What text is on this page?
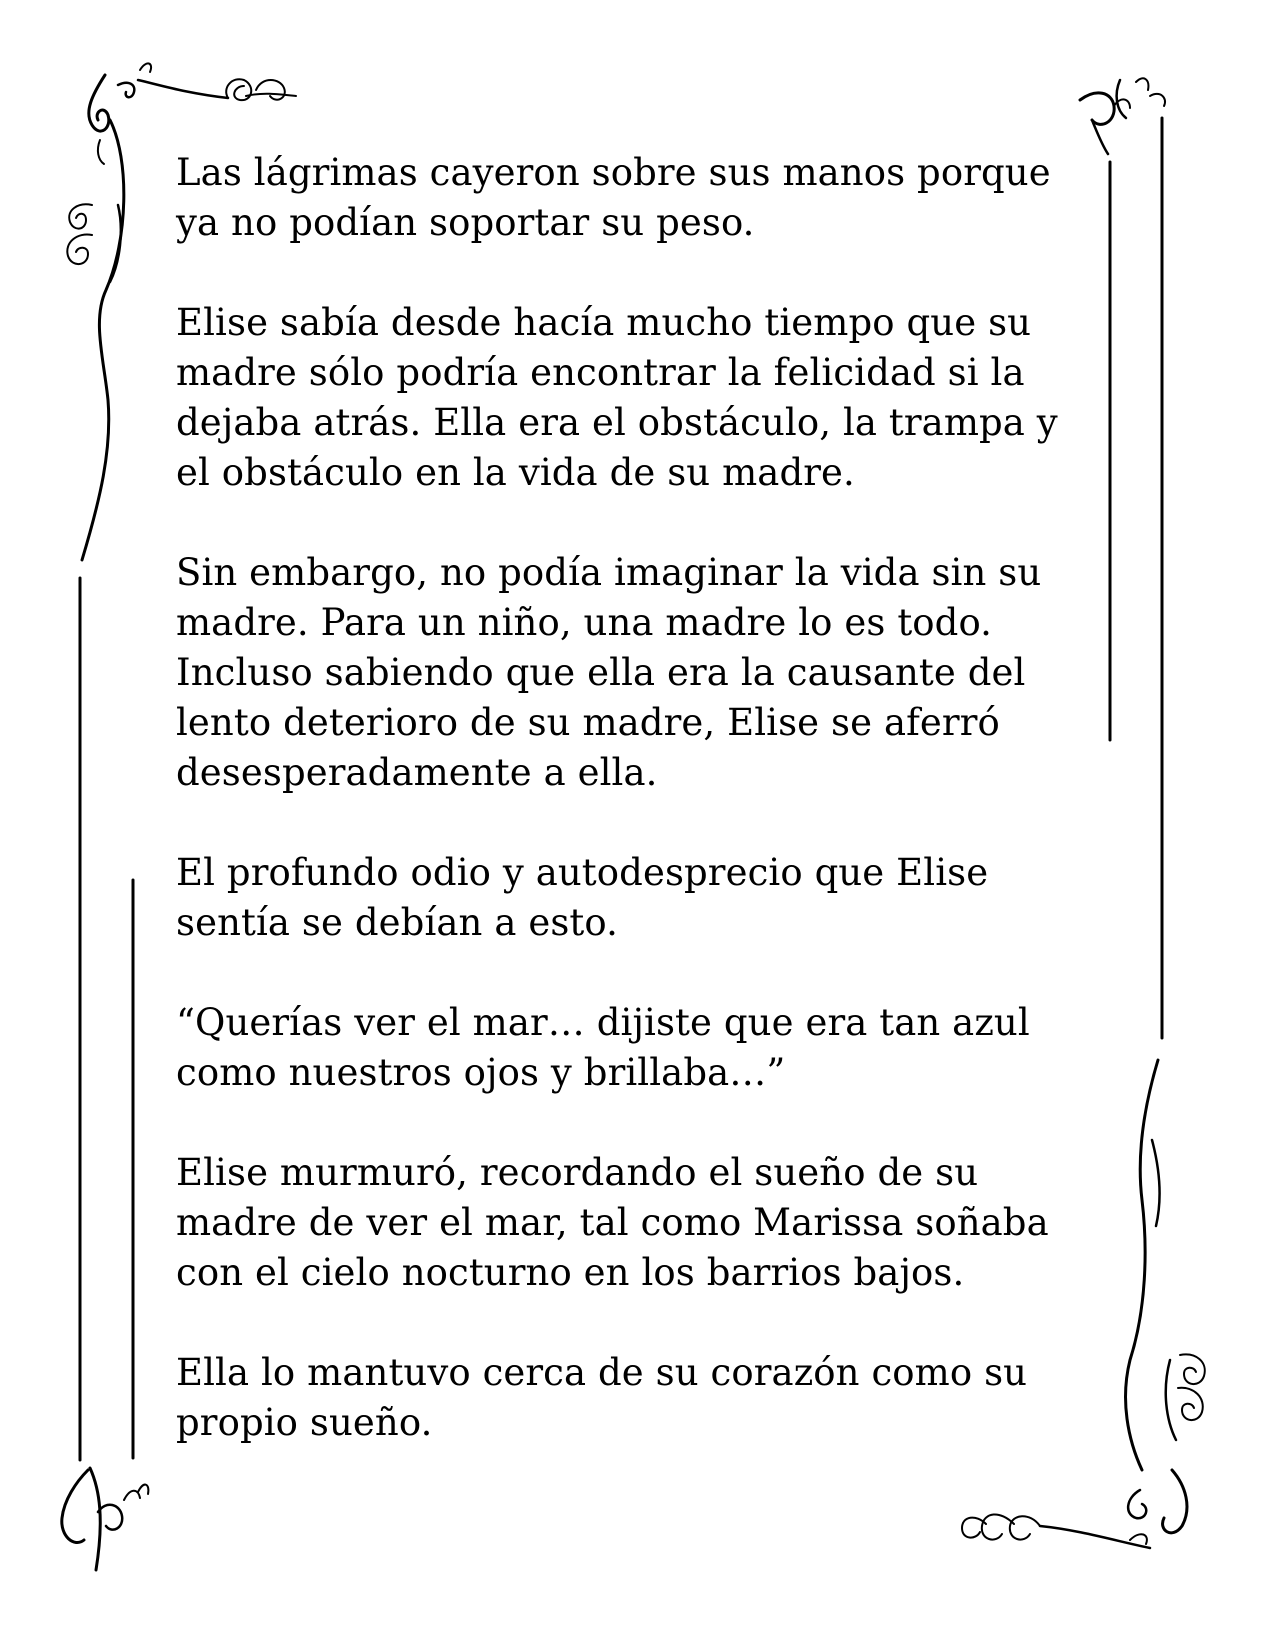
Las lágrimas cayeron sobre sus manos porque
ya no podían soportar su peso.

Elise sabía desde hacía mucho tiempo que su
madre sólo podría encontrar la felicidad si la
dejaba atrás. Ella era el obstáculo, la trampa y
el obstáculo en la vida de su madre.

Sin embargo, no podía imaginar la vida sin su
madre. Para un niño, una madre lo es todo.
Incluso sabiendo que ella era la causante del
lento deterioro de su madre, Elise se aferró
desesperadamente a ella.

El profundo odio y autodesprecio que Elise
sentía se debían a esto.

“Querías ver el mar… dijiste que era tan azul
como nuestros ojos y brillaba…”

Elise murmuró, recordando el sueño de su
madre de ver el mar, tal como Marissa soñaba
con el cielo nocturno en los barrios bajos.

Ella lo mantuvo cerca de su corazón como su
propio sueño.
